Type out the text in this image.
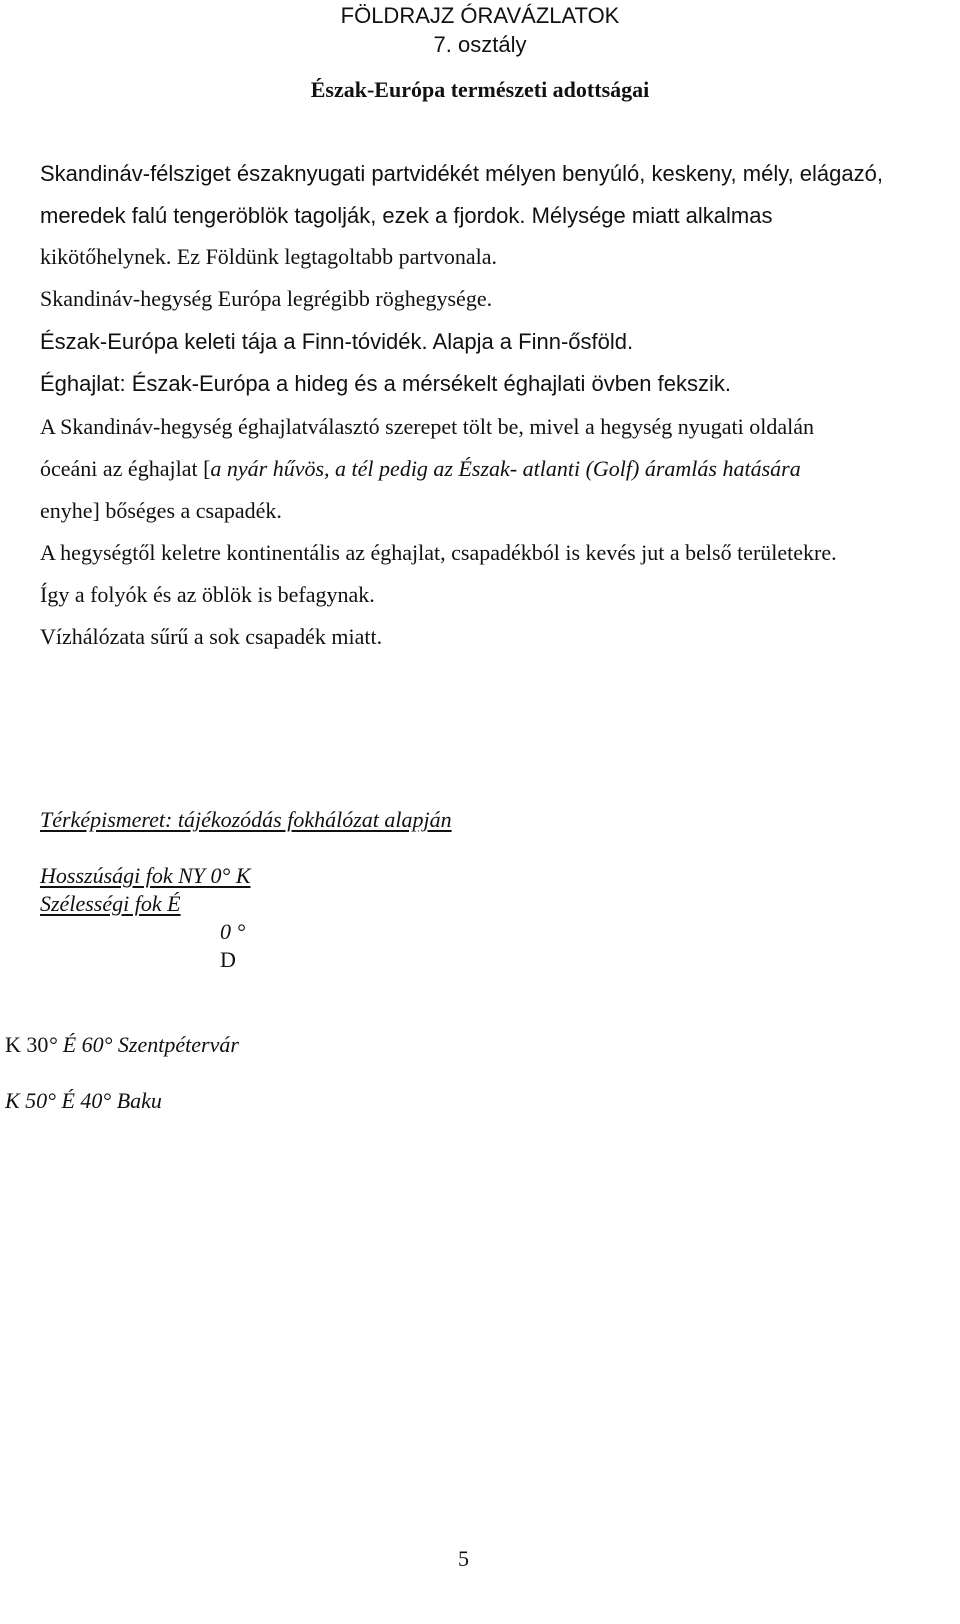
FÖLDRAJZ ÓRAVÁZLATOK
7. osztály
Észak-Európa természeti adottságai
Skandináv-félsziget északnyugati partvidékét mélyen benyúló, keskeny, mély, elágazó,
meredek falú tengeröblök tagolják, ezek a fjordok. Mélysége miatt alkalmas
kikötőhelynek. Ez Földünk legtagoltabb partvonala.
Skandináv-hegység Európa legrégibb röghegysége.
Észak-Európa keleti tája a Finn-tóvidék. Alapja a Finn-ősföld.
Éghajlat: Észak-Európa a hideg és a mérsékelt éghajlati övben fekszik.
A Skandináv-hegység éghajlatválasztó szerepet tölt be, mivel a hegység nyugati oldalán
óceáni az éghajlat [a nyár hűvös, a tél pedig az Észak- atlanti (Golf) áramlás hatására
enyhe] bőséges a csapadék.
A hegységtől keletre kontinentális az éghajlat, csapadékból is kevés jut a belső területekre.
Így a folyók és az öblök is befagynak.
Vízhálózata sűrű a sok csapadék miatt.
Térképismeret: tájékozódás fokhálózat alapján
Hosszúsági fok NY 0° K
Szélességi fok É
0 °
D
K 30° É 60° Szentpétervár
K 50° É 40° Baku
5
